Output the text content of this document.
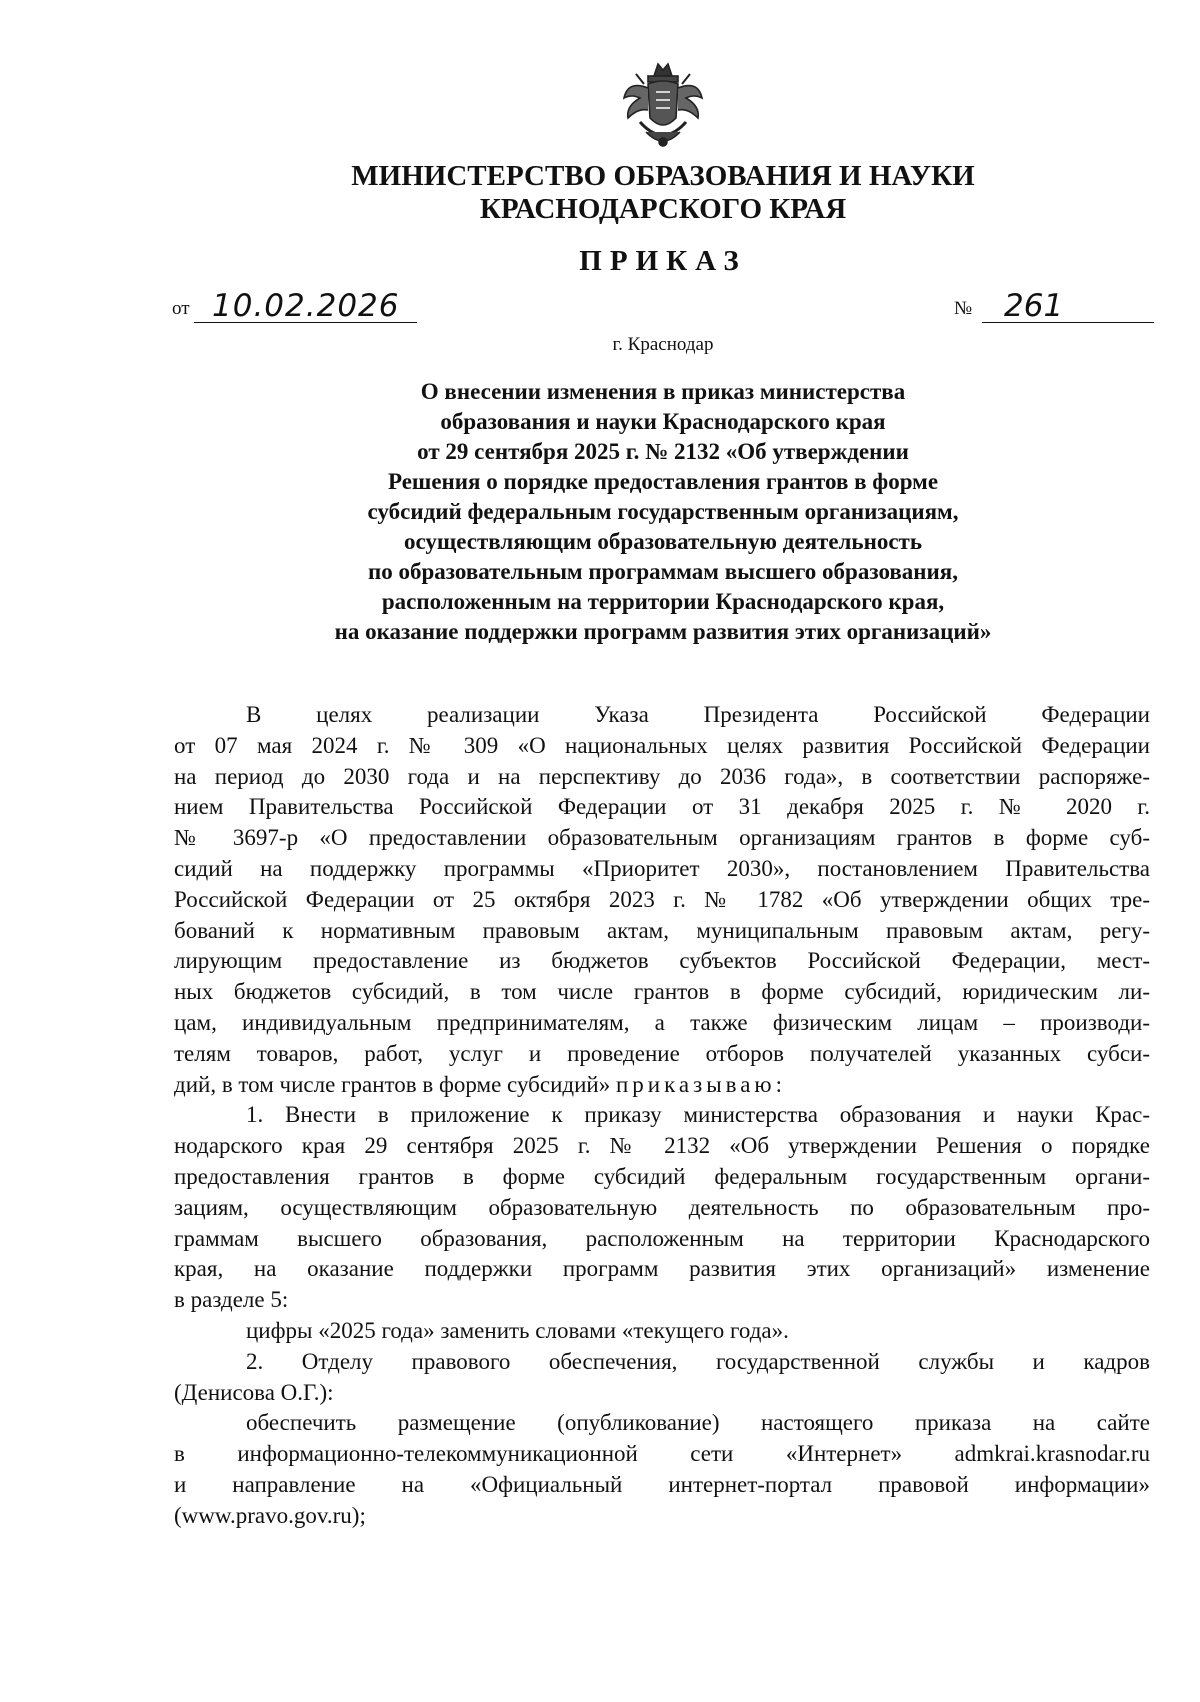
МИНИСТЕРСТВО ОБРАЗОВАНИЯ И НАУКИ
КРАСНОДАРСКОГО КРАЯ
ПРИКАЗ
от 10.02.2026	№ 261
г. Краснодар
О внесении изменения в приказ министерства
образования и науки Краснодарского края
от 29 сентября 2025 г. № 2132 «Об утверждении
Решения о порядке предоставления грантов в форме
субсидий федеральным государственным организациям,
осуществляющим образовательную деятельность
по образовательным программам высшего образования,
расположенным на территории Краснодарского края,
на оказание поддержки программ развития этих организаций»
В целях реализации Указа Президента Российской Федерации
от 07 мая 2024 г. № 309 «О национальных целях развития Российской Федерации
на период до 2030 года и на перспективу до 2036 года», в соответствии распоряже-
нием Правительства Российской Федерации от 31 декабря 2025 г. № 2020 г.
№ 3697-р «О предоставлении образовательным организациям грантов в форме суб-
сидий на поддержку программы «Приоритет 2030», постановлением Правительства
Российской Федерации от 25 октября 2023 г. № 1782 «Об утверждении общих тре-
бований к нормативным правовым актам, муниципальным правовым актам, регу-
лирующим предоставление из бюджетов субъектов Российской Федерации, мест-
ных бюджетов субсидий, в том числе грантов в форме субсидий, юридическим ли-
цам, индивидуальным предпринимателям, а также физическим лицам – производи-
телям товаров, работ, услуг и проведение отборов получателей указанных субси-
дий, в том числе грантов в форме субсидий» приказываю:
1. Внести в приложение к приказу министерства образования и науки Крас-
нодарского края 29 сентября 2025 г. № 2132 «Об утверждении Решения о порядке
предоставления грантов в форме субсидий федеральным государственным органи-
зациям, осуществляющим образовательную деятельность по образовательным про-
граммам высшего образования, расположенным на территории Краснодарского
края, на оказание поддержки программ развития этих организаций» изменение
в разделе 5:
цифры «2025 года» заменить словами «текущего года».
2. Отделу правового обеспечения, государственной службы и кадров
(Денисова О.Г.):
обеспечить размещение (опубликование) настоящего приказа на сайте
в информационно-телекоммуникационной сети «Интернет» admkrai.krasnodar.ru
и направление на «Официальный интернет-портал правовой информации»
(www.pravo.gov.ru);
